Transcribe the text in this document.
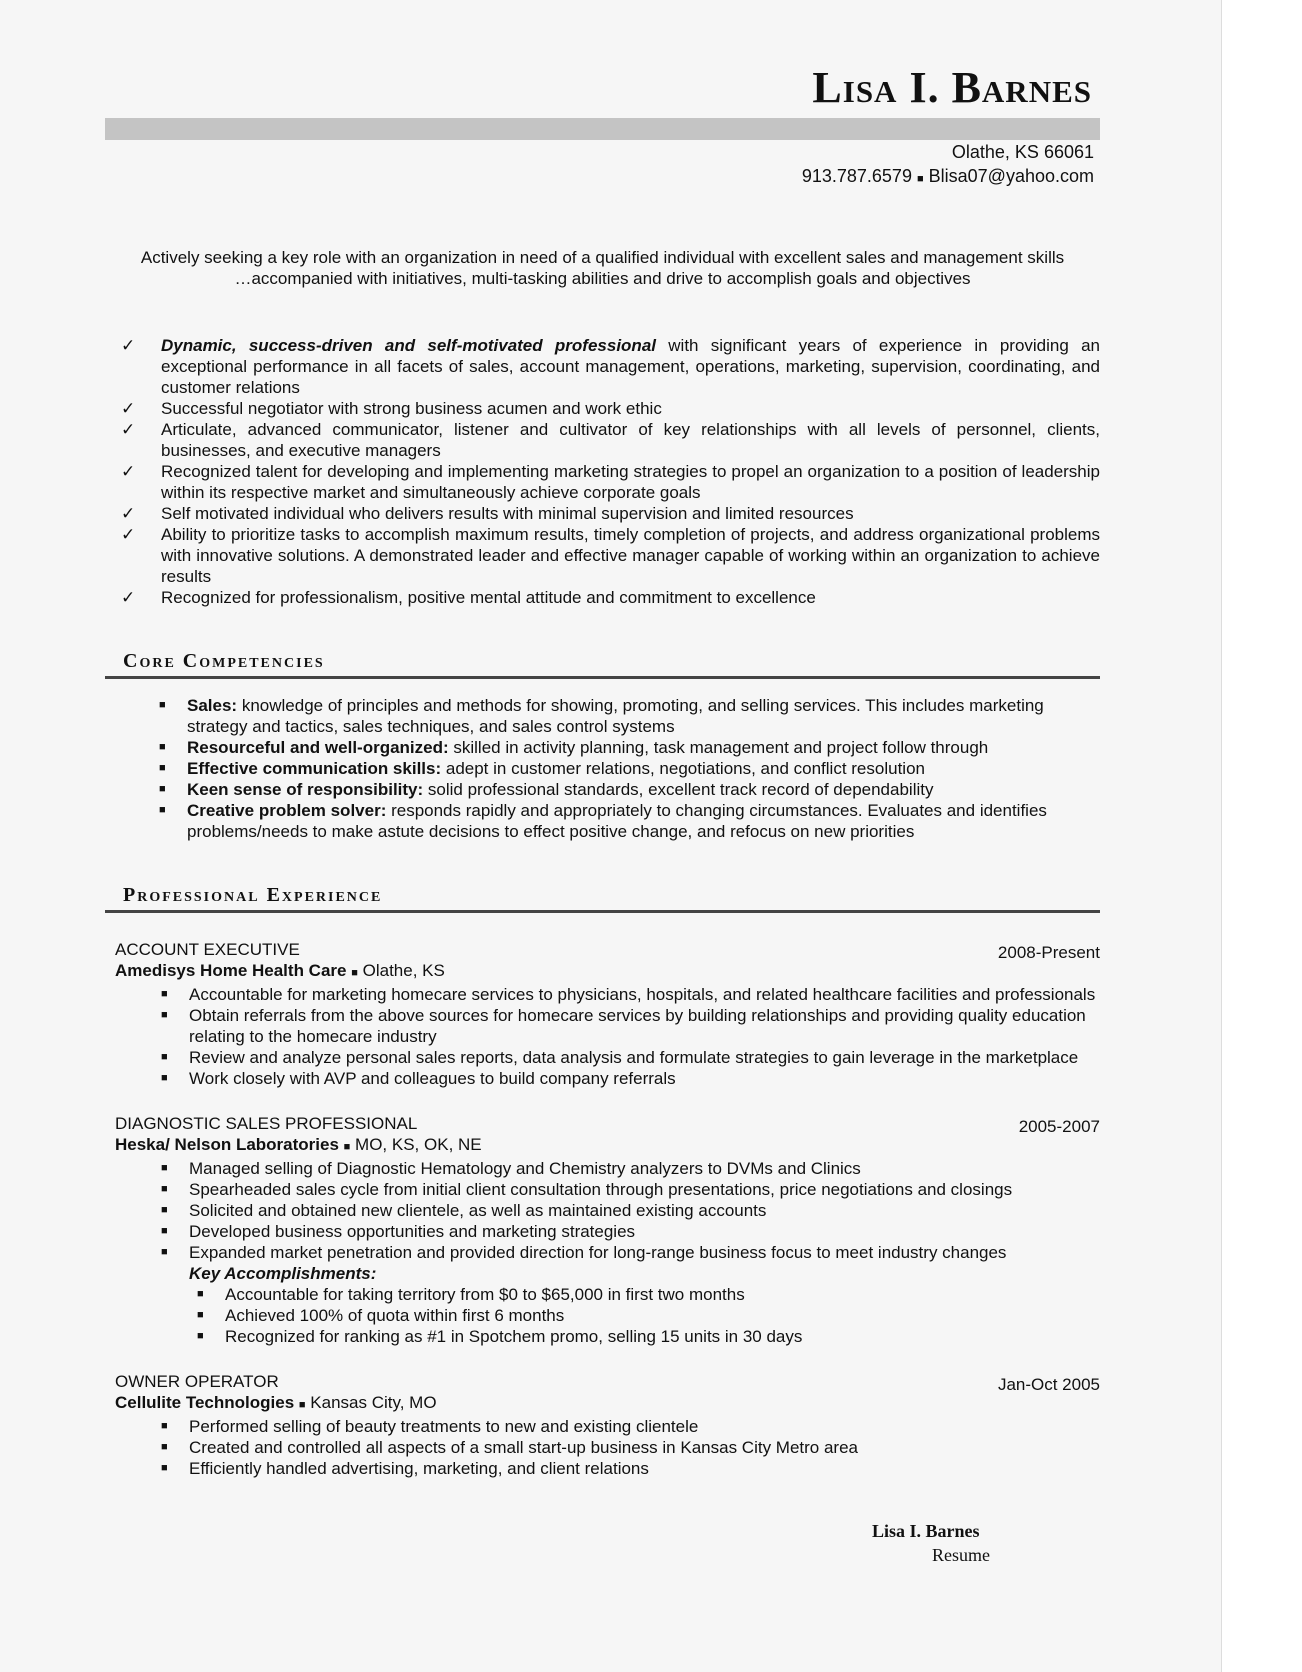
Lisa I. Barnes
Olathe, KS 66061
913.787.6579 ■ Blisa07@yahoo.com
Actively seeking a key role with an organization in need of a qualified individual with excellent sales and management skills
…accompanied with initiatives, multi-tasking abilities and drive to accomplish goals and objectives
✓ Dynamic, success-driven and self-motivated professional with significant years of experience in providing an exceptional performance in all facets of sales, account management, operations, marketing, supervision, coordinating, and customer relations
✓ Successful negotiator with strong business acumen and work ethic
✓ Articulate, advanced communicator, listener and cultivator of key relationships with all levels of personnel, clients, businesses, and executive managers
✓ Recognized talent for developing and implementing marketing strategies to propel an organization to a position of leadership within its respective market and simultaneously achieve corporate goals
✓ Self motivated individual who delivers results with minimal supervision and limited resources
✓ Ability to prioritize tasks to accomplish maximum results, timely completion of projects, and address organizational problems with innovative solutions. A demonstrated leader and effective manager capable of working within an organization to achieve results
✓ Recognized for professionalism, positive mental attitude and commitment to excellence
Core Competencies
■ Sales: knowledge of principles and methods for showing, promoting, and selling services. This includes marketing strategy and tactics, sales techniques, and sales control systems
■ Resourceful and well-organized: skilled in activity planning, task management and project follow through
■ Effective communication skills: adept in customer relations, negotiations, and conflict resolution
■ Keen sense of responsibility: solid professional standards, excellent track record of dependability
■ Creative problem solver: responds rapidly and appropriately to changing circumstances. Evaluates and identifies problems/needs to make astute decisions to effect positive change, and refocus on new priorities
Professional Experience
ACCOUNT EXECUTIVE
Amedisys Home Health Care ■ Olathe, KS
2008-Present
■ Accountable for marketing homecare services to physicians, hospitals, and related healthcare facilities and professionals
■ Obtain referrals from the above sources for homecare services by building relationships and providing quality education relating to the homecare industry
■ Review and analyze personal sales reports, data analysis and formulate strategies to gain leverage in the marketplace
■ Work closely with AVP and colleagues to build company referrals
DIAGNOSTIC SALES PROFESSIONAL
Heska/ Nelson Laboratories ■ MO, KS, OK, NE
2005-2007
■ Managed selling of Diagnostic Hematology and Chemistry analyzers to DVMs and Clinics
■ Spearheaded sales cycle from initial client consultation through presentations, price negotiations and closings
■ Solicited and obtained new clientele, as well as maintained existing accounts
■ Developed business opportunities and marketing strategies
■ Expanded market penetration and provided direction for long-range business focus to meet industry changes
Key Accomplishments:
■ Accountable for taking territory from $0 to $65,000 in first two months
■ Achieved 100% of quota within first 6 months
■ Recognized for ranking as #1 in Spotchem promo, selling 15 units in 30 days
OWNER OPERATOR
Cellulite Technologies ■ Kansas City, MO
Jan-Oct 2005
■ Performed selling of beauty treatments to new and existing clientele
■ Created and controlled all aspects of a small start-up business in Kansas City Metro area
■ Efficiently handled advertising, marketing, and client relations
Lisa I. Barnes Resume
